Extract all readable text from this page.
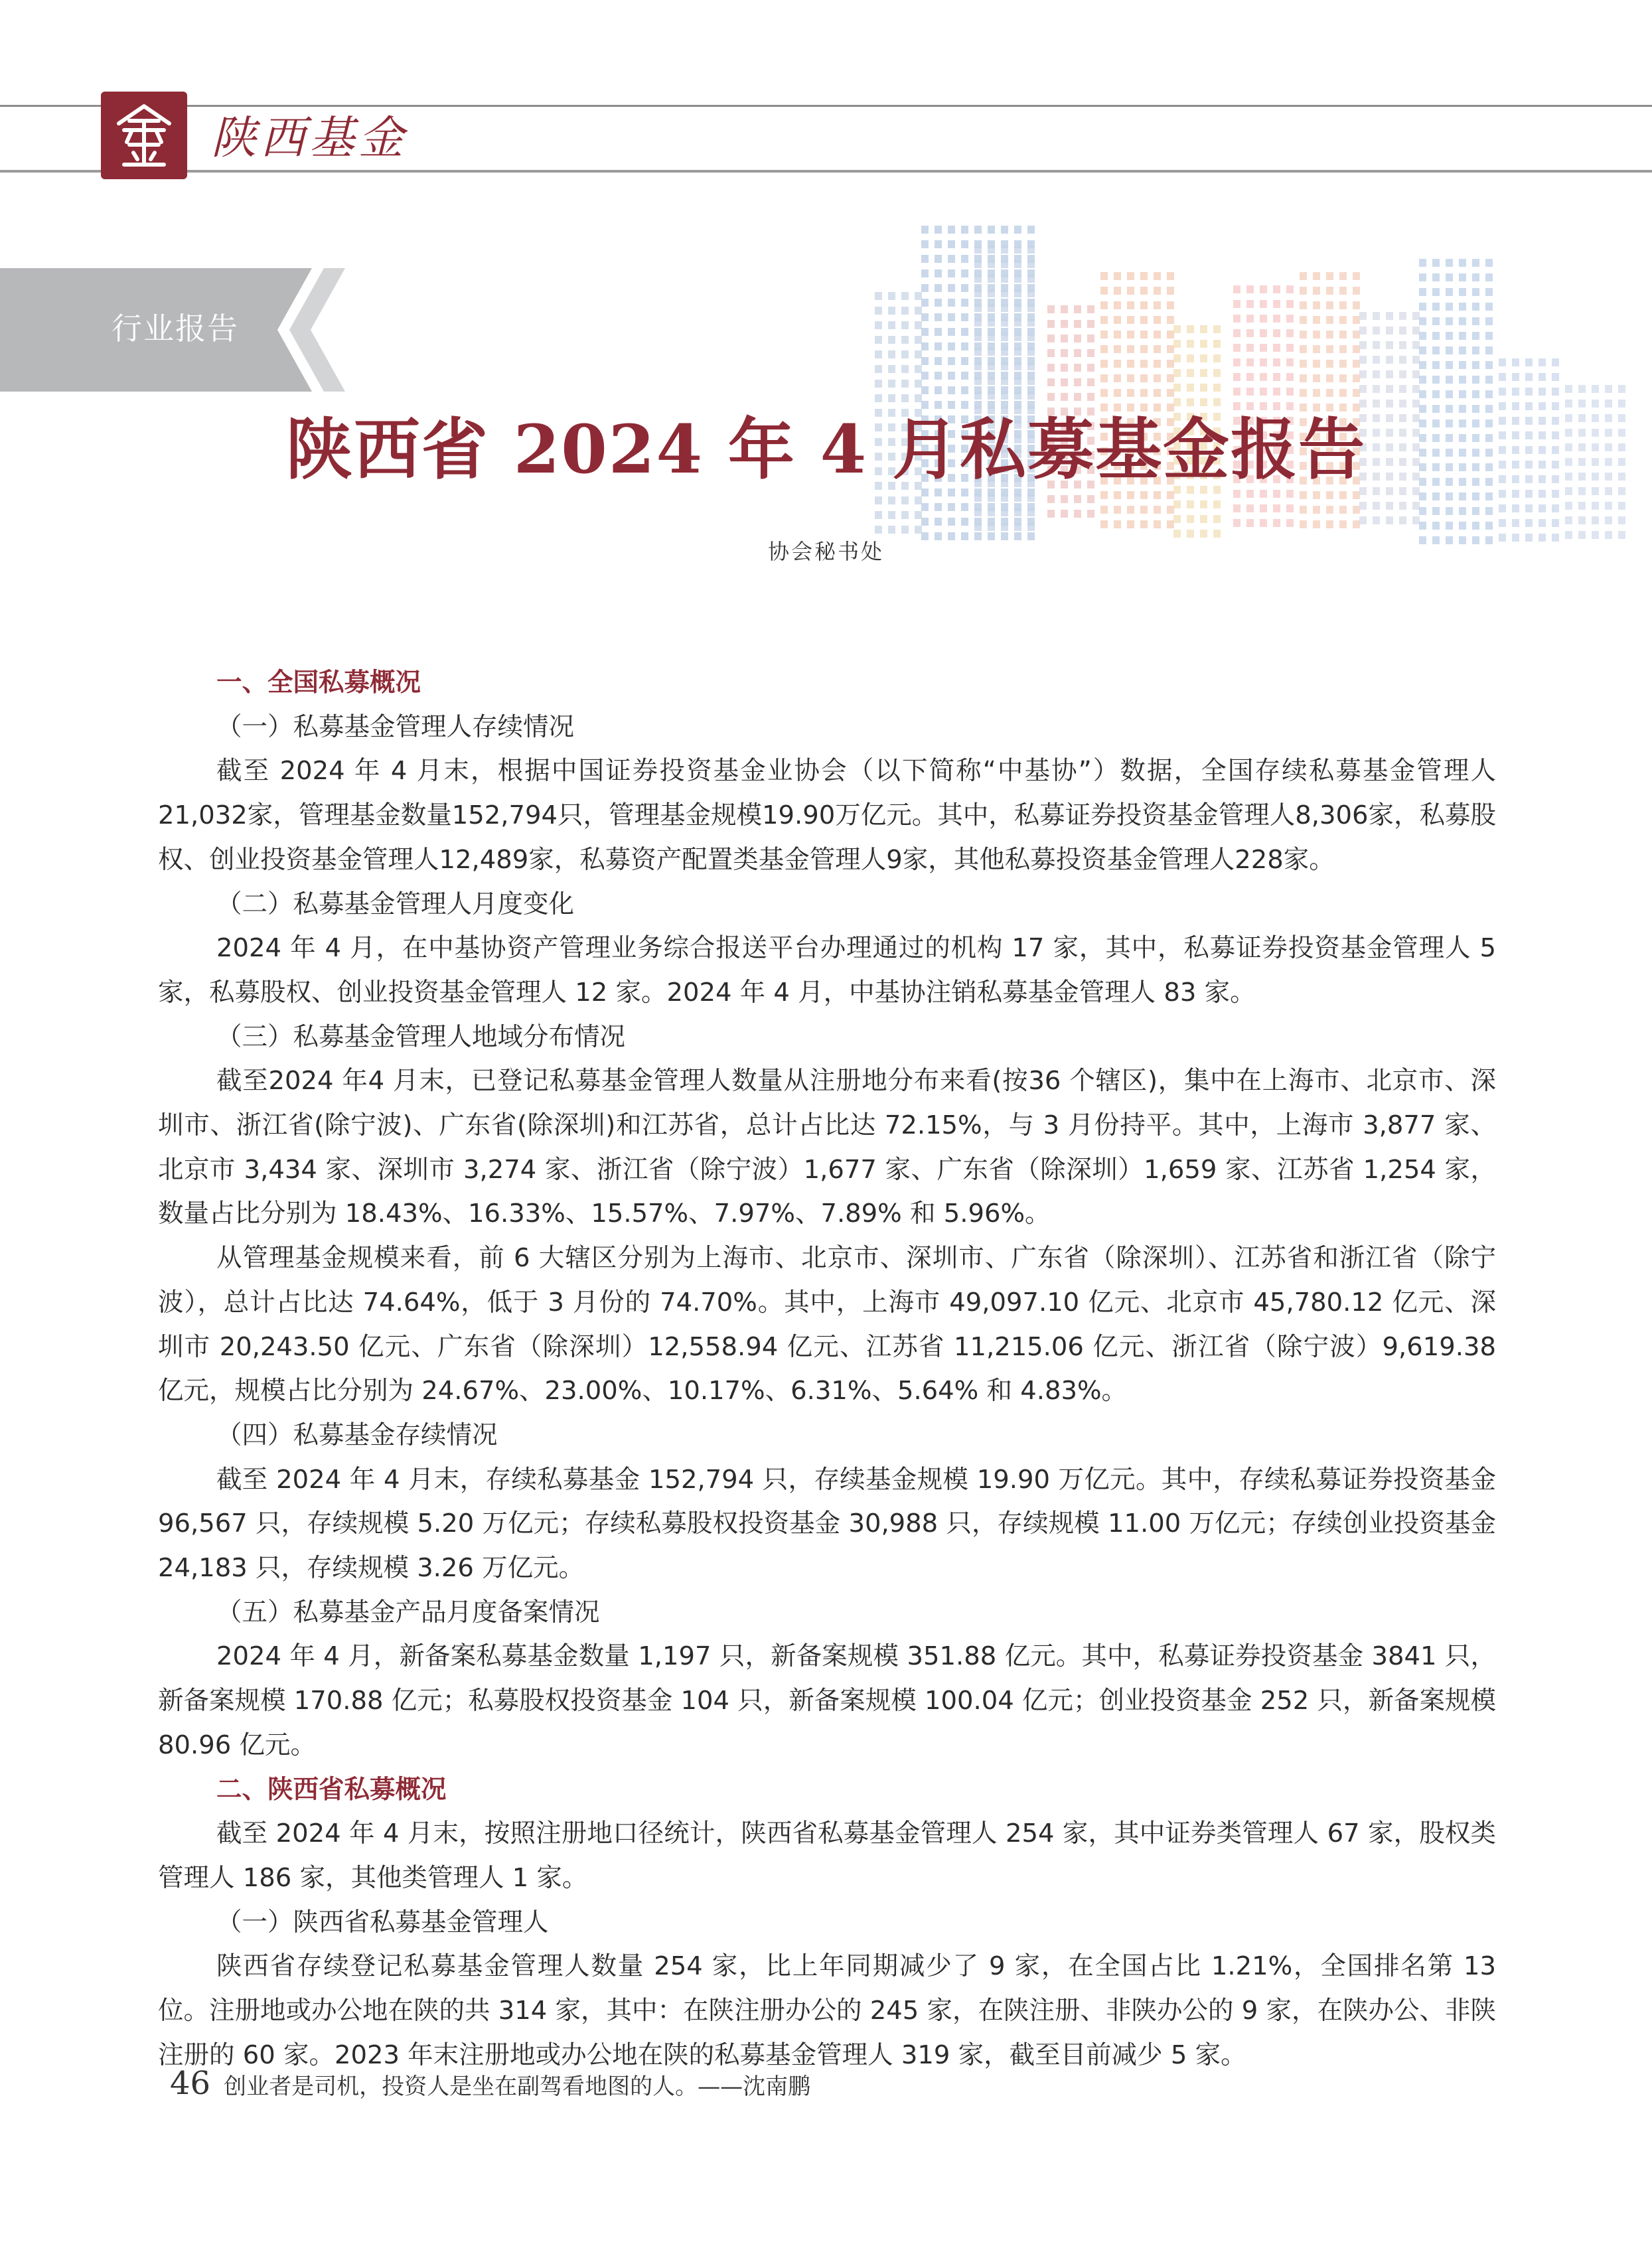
陕西基金
行业报告
陕西省 2024 年 4 月私募基金报告
协会秘书处

一、全国私募概况

（一）私募基金管理人存续情况

截至 2024 年 4 月末，根据中国证券投资基金业协会（以下简称“中基协”）数据，全国存续私募基金管理人21,032家，管理基金数量152,794只，管理基金规模19.90万亿元。其中，私募证券投资基金管理人8,306家，私募股权、创业投资基金管理人12,489家，私募资产配置类基金管理人9家，其他私募投资基金管理人228家。

（二）私募基金管理人月度变化

2024 年 4 月，在中基协资产管理业务综合报送平台办理通过的机构 17 家，其中，私募证券投资基金管理人 5 家，私募股权、创业投资基金管理人 12 家。2024 年 4 月，中基协注销私募基金管理人 83 家。

（三）私募基金管理人地域分布情况

截至2024 年4 月末，已登记私募基金管理人数量从注册地分布来看(按36 个辖区)，集中在上海市、北京市、深圳市、浙江省(除宁波)、广东省(除深圳)和江苏省，总计占比达 72.15%，与 3 月份持平。其中，上海市 3,877 家、北京市 3,434 家、深圳市 3,274 家、浙江省（除宁波）1,677 家、广东省（除深圳）1,659 家、江苏省 1,254 家，数量占比分别为 18.43%、16.33%、15.57%、7.97%、7.89% 和 5.96%。

从管理基金规模来看，前 6 大辖区分别为上海市、北京市、深圳市、广东省（除深圳）、江苏省和浙江省（除宁波），总计占比达 74.64%，低于 3 月份的 74.70%。其中，上海市 49,097.10 亿元、北京市 45,780.12 亿元、深圳市 20,243.50 亿元、广东省（除深圳）12,558.94 亿元、江苏省 11,215.06 亿元、浙江省（除宁波）9,619.38 亿元，规模占比分别为 24.67%、23.00%、10.17%、6.31%、5.64% 和 4.83%。

（四）私募基金存续情况

截至 2024 年 4 月末，存续私募基金 152,794 只，存续基金规模 19.90 万亿元。其中，存续私募证券投资基金 96,567 只，存续规模 5.20 万亿元；存续私募股权投资基金 30,988 只，存续规模 11.00 万亿元；存续创业投资基金 24,183 只，存续规模 3.26 万亿元。

（五）私募基金产品月度备案情况

2024 年 4 月，新备案私募基金数量 1,197 只，新备案规模 351.88 亿元。其中，私募证券投资基金 3841 只，新备案规模 170.88 亿元；私募股权投资基金 104 只，新备案规模 100.04 亿元；创业投资基金 252 只，新备案规模 80.96 亿元。

二、陕西省私募概况

截至 2024 年 4 月末，按照注册地口径统计，陕西省私募基金管理人 254 家，其中证券类管理人 67 家，股权类管理人 186 家，其他类管理人 1 家。

（一）陕西省私募基金管理人

陕西省存续登记私募基金管理人数量 254 家，比上年同期减少了 9 家，在全国占比 1.21%，全国排名第 13 位。注册地或办公地在陕的共 314 家，其中：在陕注册办公的 245 家，在陕注册、非陕办公的 9 家，在陕办公、非陕注册的 60 家。2023 年末注册地或办公地在陕的私募基金管理人 319 家，截至目前减少 5 家。

46 创业者是司机，投资人是坐在副驾看地图的人。——沈南鹏
